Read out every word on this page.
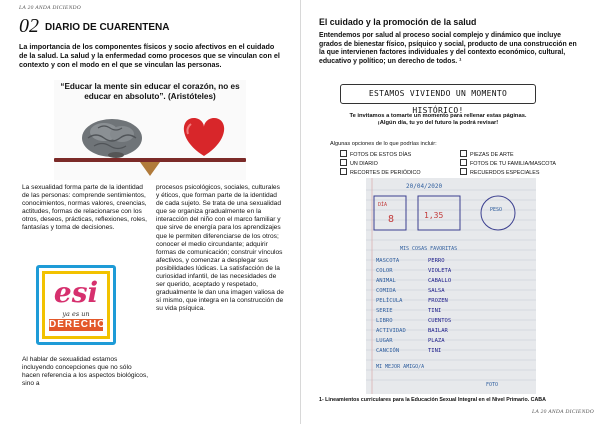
LA 20 ANDA DICIENDO
02 DIARIO DE CUARENTENA
La importancia de los componentes físicos y socio afectivos en el cuidado de la salud. La salud y la enfermedad como procesos que se vinculan con el contexto y con el modo en el que se vinculan las personas.
“Educar la mente sin educar el corazón, no es educar en absoluto”. (Aristóteles)
La sexualidad forma parte de la identidad de las personas: comprende sentimientos, conocimientos, normas valores, creencias, actitudes, formas de relacionarse con los otros, deseos, prácticas, reflexiones, roles, fantasías y toma de decisiones.
esi
ya es un
DERECHO
Al hablar de sexualidad estamos incluyendo concepciones que no sólo hacen referencia a los aspectos biológicos, sino a
procesos psicológicos, sociales, culturales y éticos, que forman parte de la identidad de cada sujeto. Se trata de una sexualidad que se organiza gradualmente en la interacción del niño con el marco familiar y que sirve de energía para los aprendizajes que le permiten diferenciarse de los otros; conocer el medio circundante; adquirir formas de comunicación; construir vínculos afectivos, y comenzar a desplegar sus posibilidades lúdicas. La satisfacción de la curiosidad infantil, de las necesidades de ser querido, aceptado y respetado, gradualmente le dan una imagen valiosa de sí mismo, que integra en la construcción de su vida psíquica.
El cuidado y la promoción de la salud
Entendemos por salud al proceso social complejo y dinámico que incluye grados de bienestar físico, psíquico y social, producto de una construcción en la que intervienen factores individuales y del contexto económico, cultural, educativo y político; un derecho de todos. ¹
ESTAMOS VIVIENDO UN MOMENTO HISTÓRICO!
Te invitamos a tomarte un momento para rellenar estas páginas.
¡Algún día, tu yo del futuro la podrá revisar!
Algunas opciones de lo que podrías incluir:
FOTOS DE ESTOS DÍAS
UN DIARIO
RECORTES DE PERIÓDICO
PIEZAS DE ARTE
FOTOS DE TU FAMILIA/MASCOTA
RECUERDOS ESPECIALES
20/04/2020
DÍA
8	1,35
PESO
MIS COSAS FAVORITAS
MASCOTA	PERRO
COLOR	VIOLETA
ANIMAL	CABALLO
COMIDA	SALSA
PELÍCULA	FROZEN
SERIE	TINI
LIBRO	CUENTOS
ACTIVIDAD	BAILAR
LUGAR	PLAZA
CANCIÓN	TINI
MI MEJOR AMIGO/A
FOTO
1- Lineamientos curriculares para la Educación Sexual Integral en el Nivel Primario. CABA
LA 20 ANDA DICIENDO
